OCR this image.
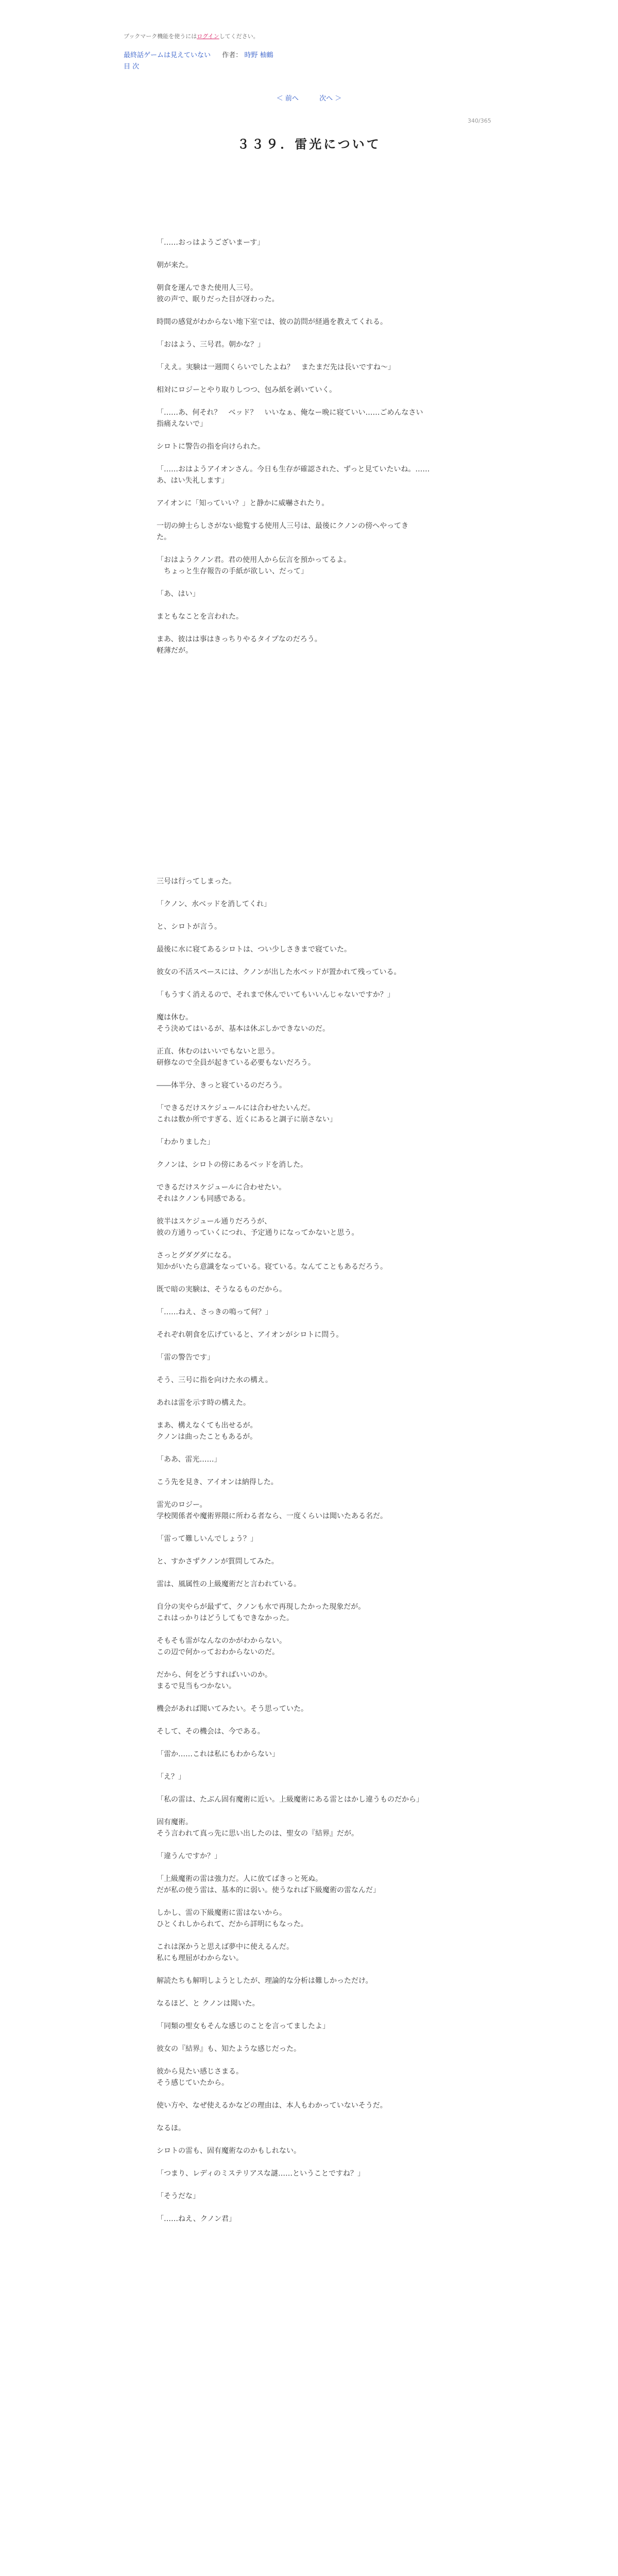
ブックマーク機能を使うにはログインしてください。
最終話ゲームは見えていない 作者： 時野 柚鶴
目 次
＜ 前へ	次へ ＞
340/365
３３９．雷光について

「……おっはようございまーす」

朝が来た。

朝食を運んできた使用人三号。
彼の声で、眠りだった目が冴わった。

時間の感覚がわからない地下室では、彼の訪問が経過を教えてくれる。

「おはよう、三号君。朝かな？」

「ええ。実験は一週間くらいでしたよね？　またまだ先は長いですね～」

相対にロジーとやり取りしつつ、包み紙を剥いていく。

「……あ、何それ？　ベッド？　いいなぁ、俺なー晩に寝ていい……ごめんなさい
指痛えないで」

シロトに警告の指を向けられた。

「……おはようアイオンさん。今日も生存が確認された、ずっと見ていたいね。……
あ、はい失礼します」

アイオンに「知っていい？」と静かに威嚇されたり。

一切の紳士らしさがない総覧する使用人三号は、最後にクノンの傍へやってき
た。

「おはようクノン君。君の使用人から伝言を預かってるよ。
　ちょっと生存報告の手紙が欲しい、だって」

「あ、はい」

まともなことを言われた。

まあ、彼はは事はきっちりやるタイプなのだろう。
軽薄だが。

三号は行ってしまった。

「クノン、水ベッドを消してくれ」

と、シロトが言う。

最後に水に寝てあるシロトは、つい少しさきまで寝ていた。

彼女の不活スペースには、クノンが出した水ベッドが置かれて残っている。

「もうすく消えるので、それまで休んでいてもいいんじゃないですか？」

魔は休む。
そう決めてはいるが、基本は休ぶしかできないのだ。

正直、休むのはいいでもないと思う。
研修なので全員が起きている必要もないだろう。

――体半分、きっと寝ているのだろう。

「できるだけスケジュールには合わせたいんだ。
これは数か所ですぎる、近くにあると調子に崩さない」

「わかりました」

クノンは、シロトの傍にあるベッドを消した。

できるだけスケジュールに合わせたい。
それはクノンも同感である。

彼半はスケジュール通りだろうが、
彼の方通りっていくにつれ、予定通りになってかないと思う。

さっとグダグダになる。
知かがいたら意識をなっている。寝ている。なんてこともあるだろう。

既で暗の実験は、そうなるものだから。

「……ねえ、さっきの鳴って何？」

それぞれ朝食を広げていると、アイオンがシロトに問う。

「雷の警告です」

そう、三号に指を向けた水の構え。

あれは雷を示す時の構えた。

まあ、構えなくても出せるが。
クノンは曲ったこともあるが。

「ああ、雷光……」

こう先を見き、アイオンは納得した。

雷光のロジー。
学校関係者や魔術界隈に所わる者なら、一度くらいは聞いたある名だ。

「雷って難しいんでしょう？」

と、すかさずクノンが質問してみた。

雷は、風属性の上級魔術だと言われている。

自分の実やらが最ずて、クノンも水で再現したかった現象だが。
これはっかりはどうしてもできなかった。

そもそも雷がなんなのかがわからない。
この辺で何かっておわからないのだ。

だから、何をどうすればいいのか。
まるで見当もつかない。

機会があれば聞いてみたい。そう思っていた。

そして、その機会は、今である。

「雷か……これは私にもわからない」

「え？」

「私の雷は、たぶん固有魔術に近い。上級魔術にある雷とはかし違うものだから」

固有魔術。
そう言われて真っ先に思い出したのは、聖女の『結界』だが。

「違うんですか？」

「上級魔術の雷は強力だ。人に放てばきっと死ぬ。
だが私の使う雷は、基本的に弱い。使うなれば下級魔術の雷なんだ」

しかし、雷の下級魔術に雷はないから。
ひとくれしかられて、だから詳明にもなった。

これは深かうと思えば夢中に使えるんだ。
私にも理屈がわからない。

解読たちも解明しようとしたが、理論的な分析は難しかっただけ。

なるほど、と クノンは聞いた。

「同類の聖女もそんな感じのことを言ってましたよ」

彼女の『結界』も、知たような感じだった。

彼から見たい感じさまる。
そう感じていたから。

使い方や、なぜ使えるかなどの理由は、本人もわかっていないそうだ。

なるほ。

シロトの雷も、固有魔術なのかもしれない。

「つまり、レディのミステリアスな謎……ということですね？」

「そうだな」

「……ねえ、クノン君」
